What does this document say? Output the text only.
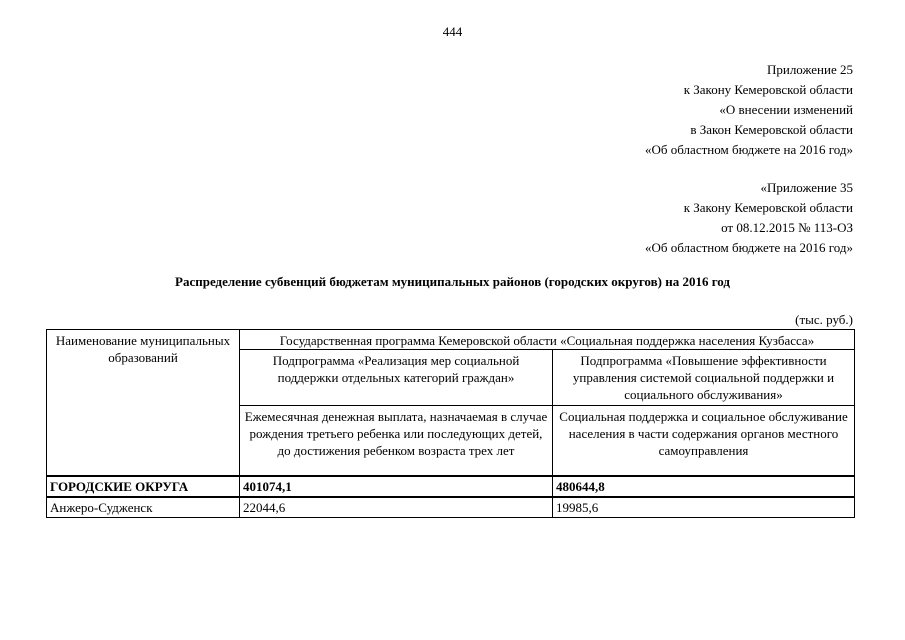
444
Приложение 25
к Закону Кемеровской области
«О внесении изменений
в Закон Кемеровской области
«Об областном бюджете на 2016 год»
«Приложение 35
к Закону Кемеровской области
от 08.12.2015 № 113-ОЗ
«Об областном бюджете на 2016 год»
Распределение субвенций бюджетам муниципальных районов (городских округов) на 2016 год
(тыс. руб.)
Наименование муниципальных образований	Государственная программа Кемеровской области «Социальная поддержка населения Кузбасса»	
	Подпрограмма «Реализация мер социальной поддержки отдельных категорий граждан»	Подпрограмма «Повышение эффективности управления системой социальной поддержки и социального обслуживания»
	Ежемесячная денежная выплата, назначаемая в случае рождения третьего ребенка или последующих детей, до достижения ребенком возраста трех лет	Социальная поддержка и социальное обслуживание населения в части содержания органов местного самоуправления
ГОРОДСКИЕ ОКРУГА	401074,1	480644,8
Анжеро-Судженск	22044,6	19985,6
